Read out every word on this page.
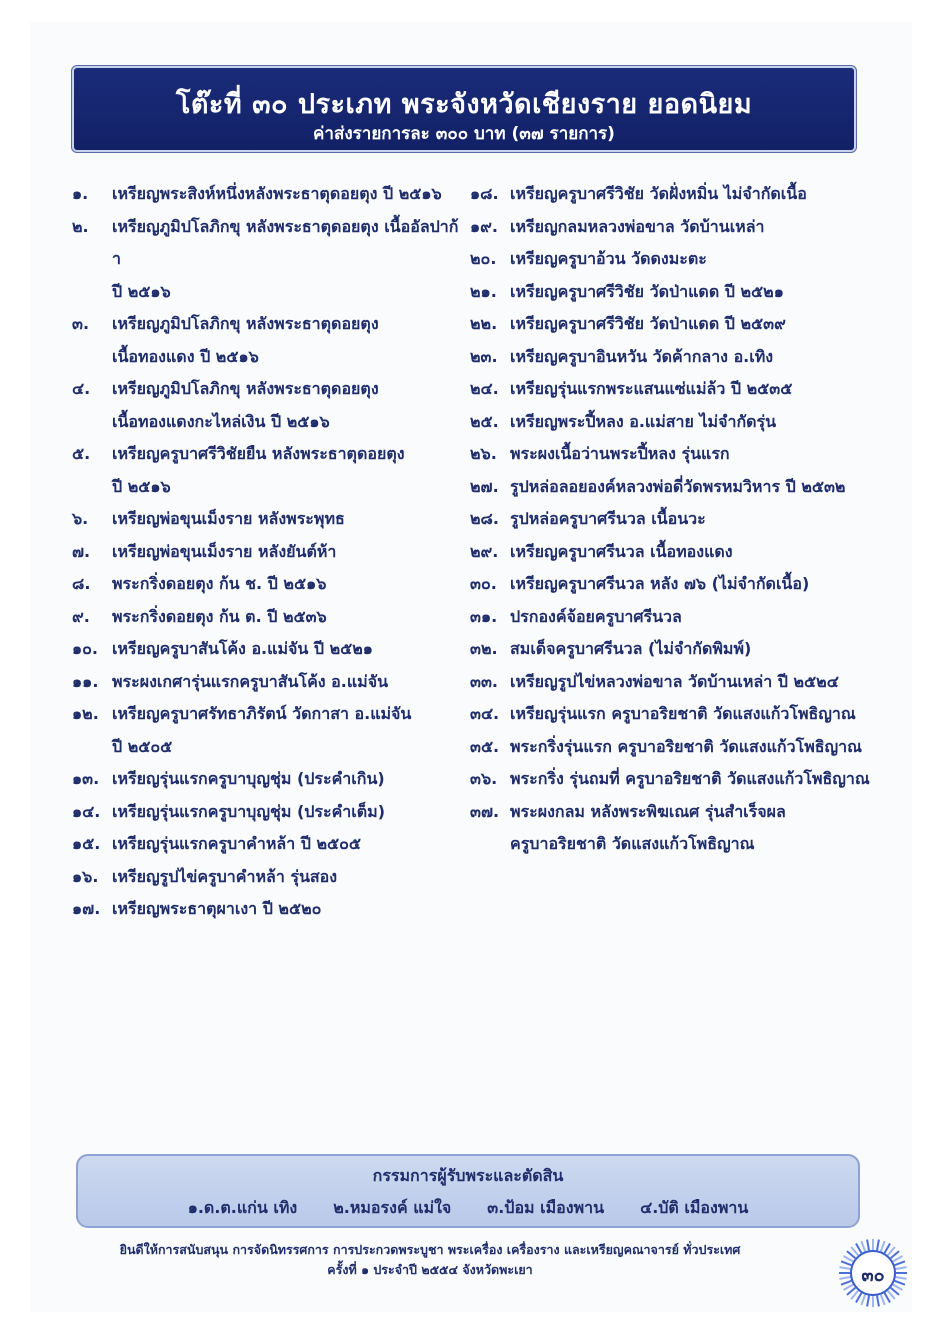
โต๊ะที่ ๓๐ ประเภท พระจังหวัดเชียงราย ยอดนิยม
ค่าส่งรายการละ ๓๐๐ บาท (๓๗ รายการ)
๑.	เหรียญพระสิงห์หนึ่งหลังพระธาตุดอยตุง ปี ๒๕๑๖
๒.	เหรียญภูมิปโลภิกขุ หลังพระธาตุดอยตุง เนื้ออัลปาก้า
ปี ๒๕๑๖
๓.	เหรียญภูมิปโลภิกขุ หลังพระธาตุดอยตุง
เนื้อทองแดง ปี ๒๕๑๖
๔.	เหรียญภูมิปโลภิกขุ หลังพระธาตุดอยตุง
เนื้อทองแดงกะไหล่เงิน ปี ๒๕๑๖
๕.	เหรียญครูบาศรีวิชัยยืน หลังพระธาตุดอยตุง
ปี ๒๕๑๖
๖.	เหรียญพ่อขุนเม็งราย หลังพระพุทธ
๗.	เหรียญพ่อขุนเม็งราย หลังยันต์ห้า
๘.	พระกริ่งดอยตุง ก้น ช. ปี ๒๕๑๖
๙.	พระกริ่งดอยตุง ก้น ต. ปี ๒๕๓๖
๑๐. เหรียญครูบาสันโค้ง อ.แม่จัน ปี ๒๕๒๑
๑๑. พระผงเกศารุ่นแรกครูบาสันโค้ง อ.แม่จัน
๑๒. เหรียญครูบาศรัทธาภิรัตน์ วัดกาสา อ.แม่จัน
ปี ๒๕๐๕
๑๓. เหรียญรุ่นแรกครูบาบุญชุ่ม (ประคำเกิน)
๑๔. เหรียญรุ่นแรกครูบาบุญชุ่ม (ประคำเต็ม)
๑๕. เหรียญรุ่นแรกครูบาคำหล้า ปี ๒๕๐๕
๑๖. เหรียญรูปไข่ครูบาคำหล้า รุ่นสอง
๑๗. เหรียญพระธาตุผาเงา ปี ๒๕๒๐
๑๘. เหรียญครูบาศรีวิชัย วัดฝั่งหมิ่น ไม่จำกัดเนื้อ
๑๙. เหรียญกลมหลวงพ่อขาล วัดบ้านเหล่า
๒๐. เหรียญครูบาอ้วน วัดดงมะตะ
๒๑. เหรียญครูบาศรีวิชัย วัดป่าแดด ปี ๒๕๒๑
๒๒. เหรียญครูบาศรีวิชัย วัดป่าแดด ปี ๒๕๓๙
๒๓. เหรียญครูบาอินหวัน วัดค้ากลาง อ.เทิง
๒๔. เหรียญรุ่นแรกพระแสนแซ่แม่ล้ว ปี ๒๕๓๕
๒๕. เหรียญพระปี้หลง อ.แม่สาย ไม่จำกัดรุ่น
๒๖. พระผงเนื้อว่านพระปี้หลง รุ่นแรก
๒๗. รูปหล่อลอยองค์หลวงพ่อดี่วัดพรหมวิหาร ปี ๒๕๓๒
๒๘. รูปหล่อครูบาศรีนวล เนื้อนวะ
๒๙. เหรียญครูบาศรีนวล เนื้อทองแดง
๓๐. เหรียญครูบาศรีนวล หลัง ๗๖ (ไม่จำกัดเนื้อ)
๓๑. ปรกองค์จ้อยครูบาศรีนวล
๓๒. สมเด็จครูบาศรีนวล (ไม่จำกัดพิมพ์)
๓๓. เหรียญรูปไข่หลวงพ่อขาล วัดบ้านเหล่า ปี ๒๕๒๔
๓๔. เหรียญรุ่นแรก ครูบาอริยชาติ วัดแสงแก้วโพธิญาณ
๓๕. พระกริ่งรุ่นแรก ครูบาอริยชาติ วัดแสงแก้วโพธิญาณ
๓๖. พระกริ่ง รุ่นถมที่ ครูบาอริยชาติ วัดแสงแก้วโพธิญาณ
๓๗. พระผงกลม หลังพระพิฆเณศ รุ่นสำเร็จผล
ครูบาอริยชาติ วัดแสงแก้วโพธิญาณ
กรรมการผู้รับพระและตัดสิน
๑.ด.ต.แก่น เทิง ๒.หมอรงค์ แม่ใจ ๓.ป้อม เมืองพาน ๔.บัติ เมืองพาน
ยินดีให้การสนับสนุน การจัดนิทรรศการ การประกวดพระบูชา พระเครื่อง เครื่องราง และเหรียญคณาจารย์ ทั่วประเทศ
ครั้งที่ ๑ ประจำปี ๒๕๕๔ จังหวัดพะเยา	๓๐
